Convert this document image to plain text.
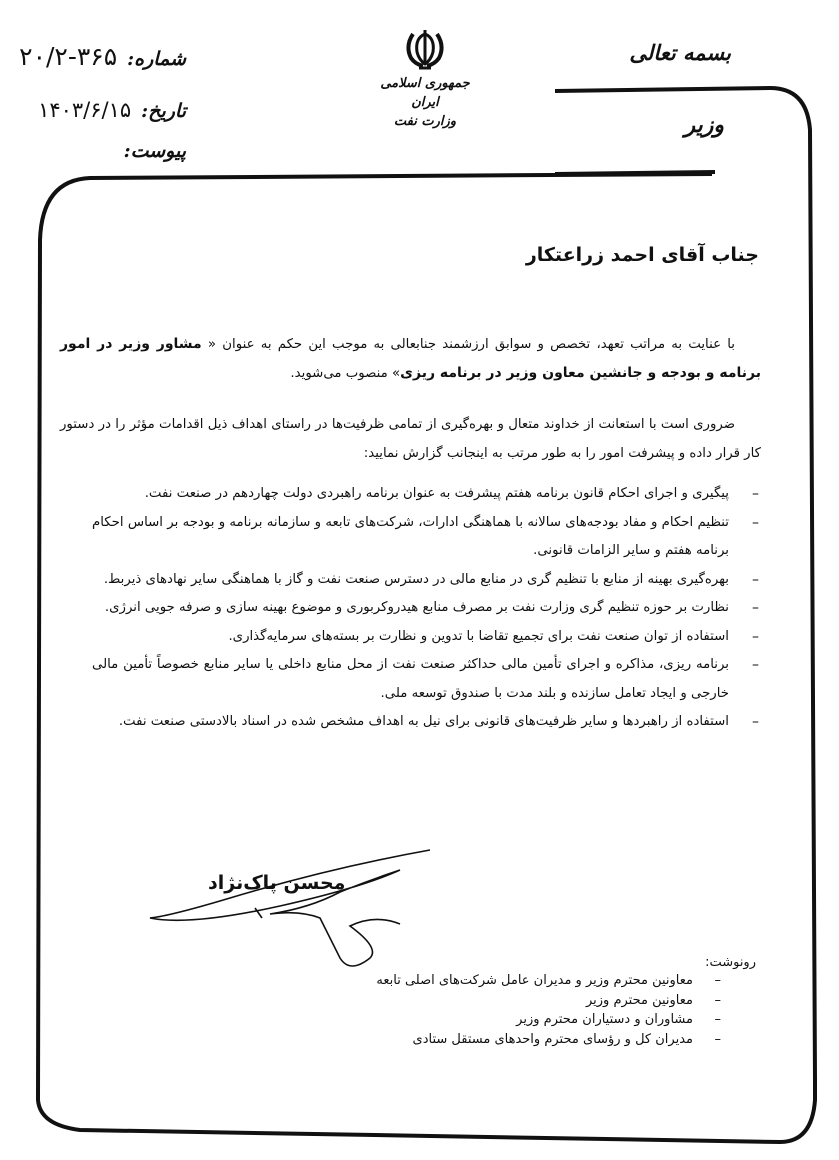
شماره:
۲۰/۲-۳۶۵
تاریخ:
۱۴۰۳/۶/۱۵
پیوست:
جمهوری اسلامی ایران
وزارت نفت
بسمه تعالی
وزیر
جناب آقای احمد زراعتکار
با عنایت به مراتب تعهد، تخصص و سوابق ارزشمند جنابعالی به موجب این حکم به عنوان « مشاور وزیر در امور برنامه و بودجه و جانشین معاون وزیر در برنامه ریزی» منصوب می‌شوید.
ضروری است با استعانت از خداوند متعال و بهره‌گیری از تمامی ظرفیت‌ها در راستای اهداف ذیل اقدامات مؤثر را در دستور کار قرار داده و پیشرفت امور را به طور مرتب به اینجانب گزارش نمایید:
–
پیگیری و اجرای احکام قانون برنامه هفتم پیشرفت به عنوان برنامه راهبردی دولت چهاردهم در صنعت نفت.
–
تنظیم احکام و مفاد بودجه‌های سالانه با هماهنگی ادارات، شرکت‌های تابعه و سازمانه برنامه و بودجه بر اساس احکام برنامه هفتم و سایر الزامات قانونی.
–
بهره‌گیری بهینه از منابع با تنظیم گری در منابع مالی در دسترس صنعت نفت و گاز با هماهنگی سایر نهادهای ذیربط.
–
نظارت بر حوزه تنظیم گری وزارت نفت بر مصرف منابع هیدروکربوری و موضوع بهینه سازی و صرفه جویی انرژی.
–
استفاده از توان صنعت نفت برای تجمیع تقاضا با تدوین و نظارت بر بسته‌های سرمایه‌گذاری.
–
برنامه ریزی، مذاکره و اجرای تأمین مالی حداکثر صنعت نفت از محل منابع داخلی یا سایر منابع خصوصاً تأمین مالی خارجی و ایجاد تعامل سازنده و بلند مدت با صندوق توسعه ملی.
–
استفاده از راهبردها و سایر ظرفیت‌های قانونی برای نیل به اهداف مشخص شده در اسناد بالادستی صنعت نفت.
محسن پاک‌نژاد
رونوشت:
–
معاونین محترم وزیر و مدیران عامل شرکت‌های اصلی تابعه
–
معاونین محترم وزیر
–
مشاوران و دستیاران محترم وزیر
–
مدیران کل و رؤسای محترم واحدهای مستقل ستادی
